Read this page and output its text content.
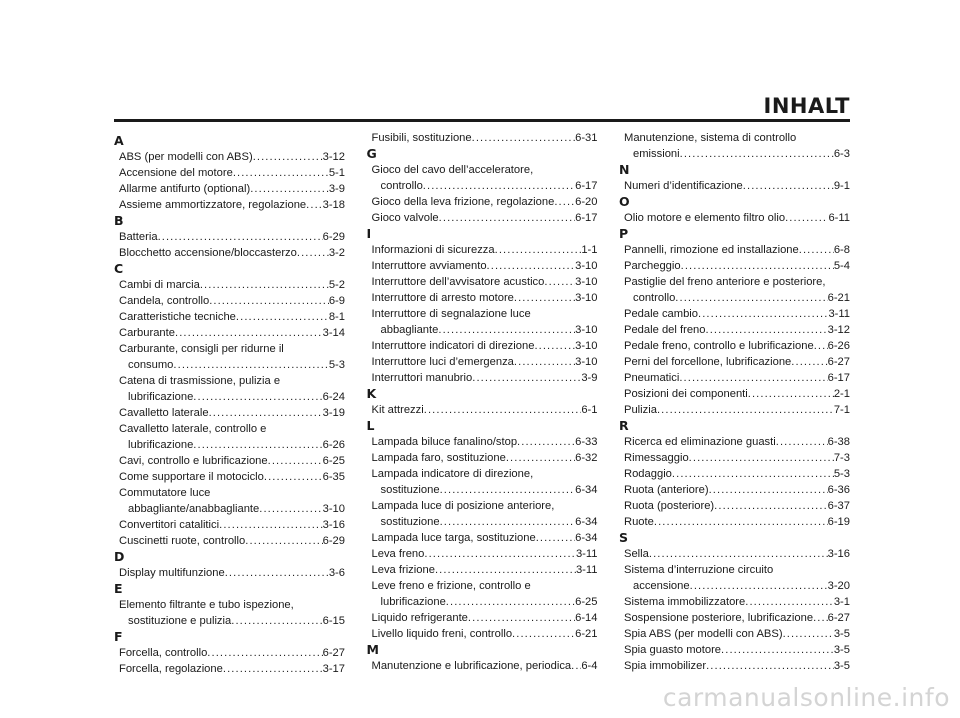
INHALT
A
ABS (per modelli con ABS) .....	3-12
Accensione del motore .....	5-1
Allarme antifurto (optional) .....	3-9
Assieme ammortizzatore, regolazione ..... 3-18
B
Batteria .....	6-29
Blocchetto accensione/bloccasterzo .....	3-2
C
Cambi di marcia .....	5-2
Candela, controllo .....	6-9
Caratteristiche tecniche .....	8-1
Carburante .....	3-14
Carburante, consigli per ridurne il
consumo .....	5-3
Catena di trasmissione, pulizia e
lubrificazione .....	6-24
Cavalletto laterale .....	3-19
Cavalletto laterale, controllo e
lubrificazione .....	6-26
Cavi, controllo e lubrificazione .....	6-25
Come supportare il motociclo .....	6-35
Commutatore luce
abbagliante/anabbagliante .....	3-10
Convertitori catalitici .....	3-16
Cuscinetti ruote, controllo .....	6-29
D
Display multifunzione .....	3-6
E
Elemento filtrante e tubo ispezione,
sostituzione e pulizia .....	6-15
F
Forcella, controllo .....	6-27
Forcella, regolazione .....	3-17
Fusibili, sostituzione .....	6-31
G
Gioco del cavo dell’acceleratore,
controllo .....	6-17
Gioco della leva frizione, regolazione ..... 6-20
Gioco valvole .....	6-17
I
Informazioni di sicurezza .....	1-1
Interruttore avviamento .....	3-10
Interruttore dell’avvisatore acustico .....	3-10
Interruttore di arresto motore .....	3-10
Interruttore di segnalazione luce
abbagliante .....	3-10
Interruttore indicatori di direzione .....	3-10
Interruttore luci d’emergenza .....	3-10
Interruttori manubrio .....	3-9
K
Kit attrezzi .....	6-1
L
Lampada biluce fanalino/stop .....	6-33
Lampada faro, sostituzione .....	6-32
Lampada indicatore di direzione,
sostituzione .....	6-34
Lampada luce di posizione anteriore,
sostituzione .....	6-34
Lampada luce targa, sostituzione .....	6-34
Leva freno .....	3-11
Leva frizione .....	3-11
Leve freno e frizione, controllo e
lubrificazione .....	6-25
Liquido refrigerante .....	6-14
Livello liquido freni, controllo .....	6-21
M
Manutenzione e lubrificazione, periodica ..... 6-4
Manutenzione, sistema di controllo
emissioni .....	6-3
N
Numeri d’identificazione .....	9-1
O
Olio motore e elemento filtro olio .....	6-11
P
Pannelli, rimozione ed installazione .....	6-8
Parcheggio .....	5-4
Pastiglie del freno anteriore e posteriore,
controllo .....	6-21
Pedale cambio .....	3-11
Pedale del freno .....	3-12
Pedale freno, controllo e lubrificazione ..... 6-26
Perni del forcellone, lubrificazione .....	6-27
Pneumatici .....	6-17
Posizioni dei componenti .....	2-1
Pulizia .....	7-1
R
Ricerca ed eliminazione guasti .....	6-38
Rimessaggio .....	7-3
Rodaggio .....	5-3
Ruota (anteriore) .....	6-36
Ruota (posteriore) .....	6-37
Ruote .....	6-19
S
Sella .....	3-16
Sistema d’interruzione circuito
accensione .....	3-20
Sistema immobilizzatore .....	3-1
Sospensione posteriore, lubrificazione ..... 6-27
Spia ABS (per modelli con ABS) .....	3-5
Spia guasto motore .....	3-5
Spia immobilizer .....	3-5
carmanualsonline.info
